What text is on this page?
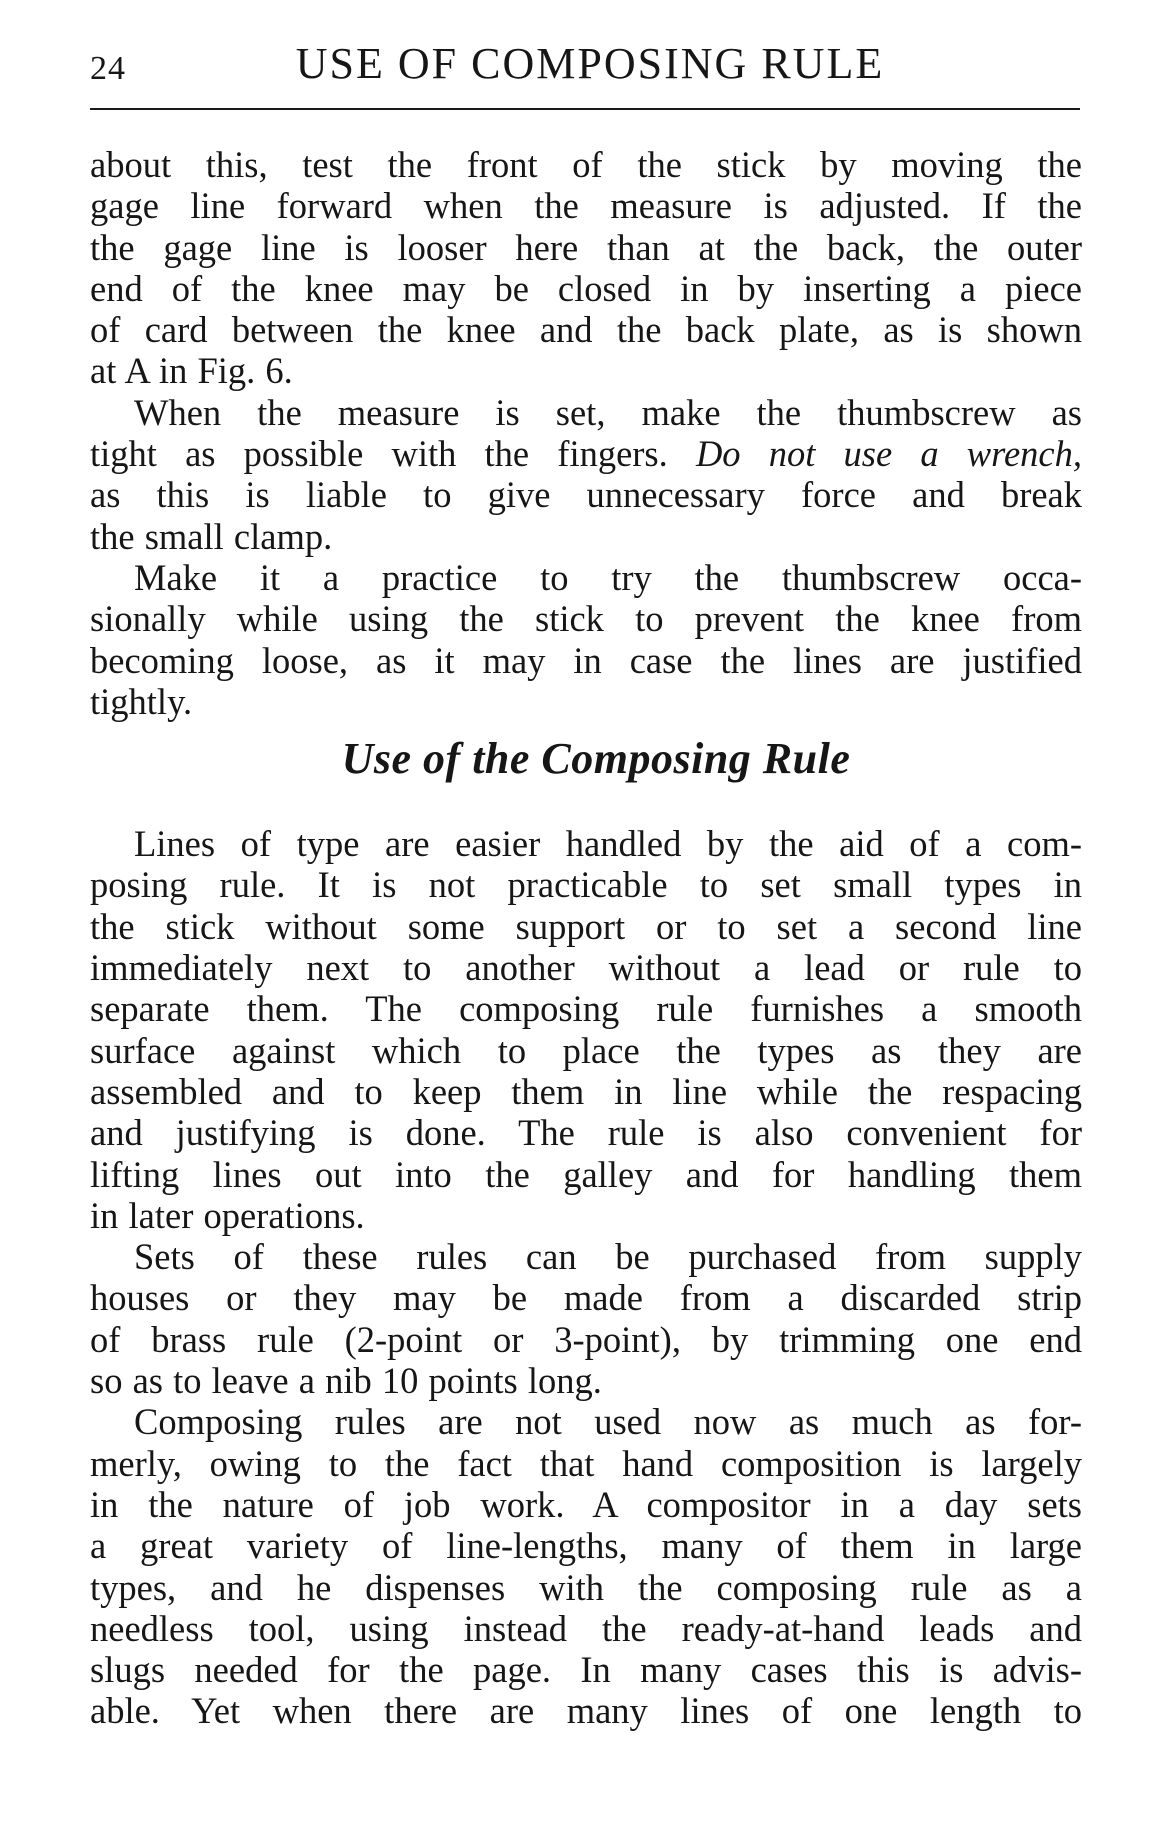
24	USE OF COMPOSING RULE

about this, test the front of the stick by moving the
gage line forward when the measure is adjusted. If the
the gage line is looser here than at the back, the outer
end of the knee may be closed in by inserting a piece
of card between the knee and the back plate, as is shown
at A in Fig. 6.

When the measure is set, make the thumbscrew as
tight as possible with the fingers. Do not use a wrench,
as this is liable to give unnecessary force and break
the small clamp.

Make it a practice to try the thumbscrew occa-
sionally while using the stick to prevent the knee from
becoming loose, as it may in case the lines are justified
tightly.

Use of the Composing Rule

Lines of type are easier handled by the aid of a com-
posing rule. It is not practicable to set small types in
the stick without some support or to set a second line
immediately next to another without a lead or rule to
separate them. The composing rule furnishes a smooth
surface against which to place the types as they are
assembled and to keep them in line while the respacing
and justifying is done. The rule is also convenient for
lifting lines out into the galley and for handling them
in later operations.

Sets of these rules can be purchased from supply
houses or they may be made from a discarded strip
of brass rule (2-point or 3-point), by trimming one end
so as to leave a nib 10 points long.

Composing rules are not used now as much as for-
merly, owing to the fact that hand composition is largely
in the nature of job work. A compositor in a day sets
a great variety of line-lengths, many of them in large
types, and he dispenses with the composing rule as a
needless tool, using instead the ready-at-hand leads and
slugs needed for the page. In many cases this is advis-
able. Yet when there are many lines of one length to
